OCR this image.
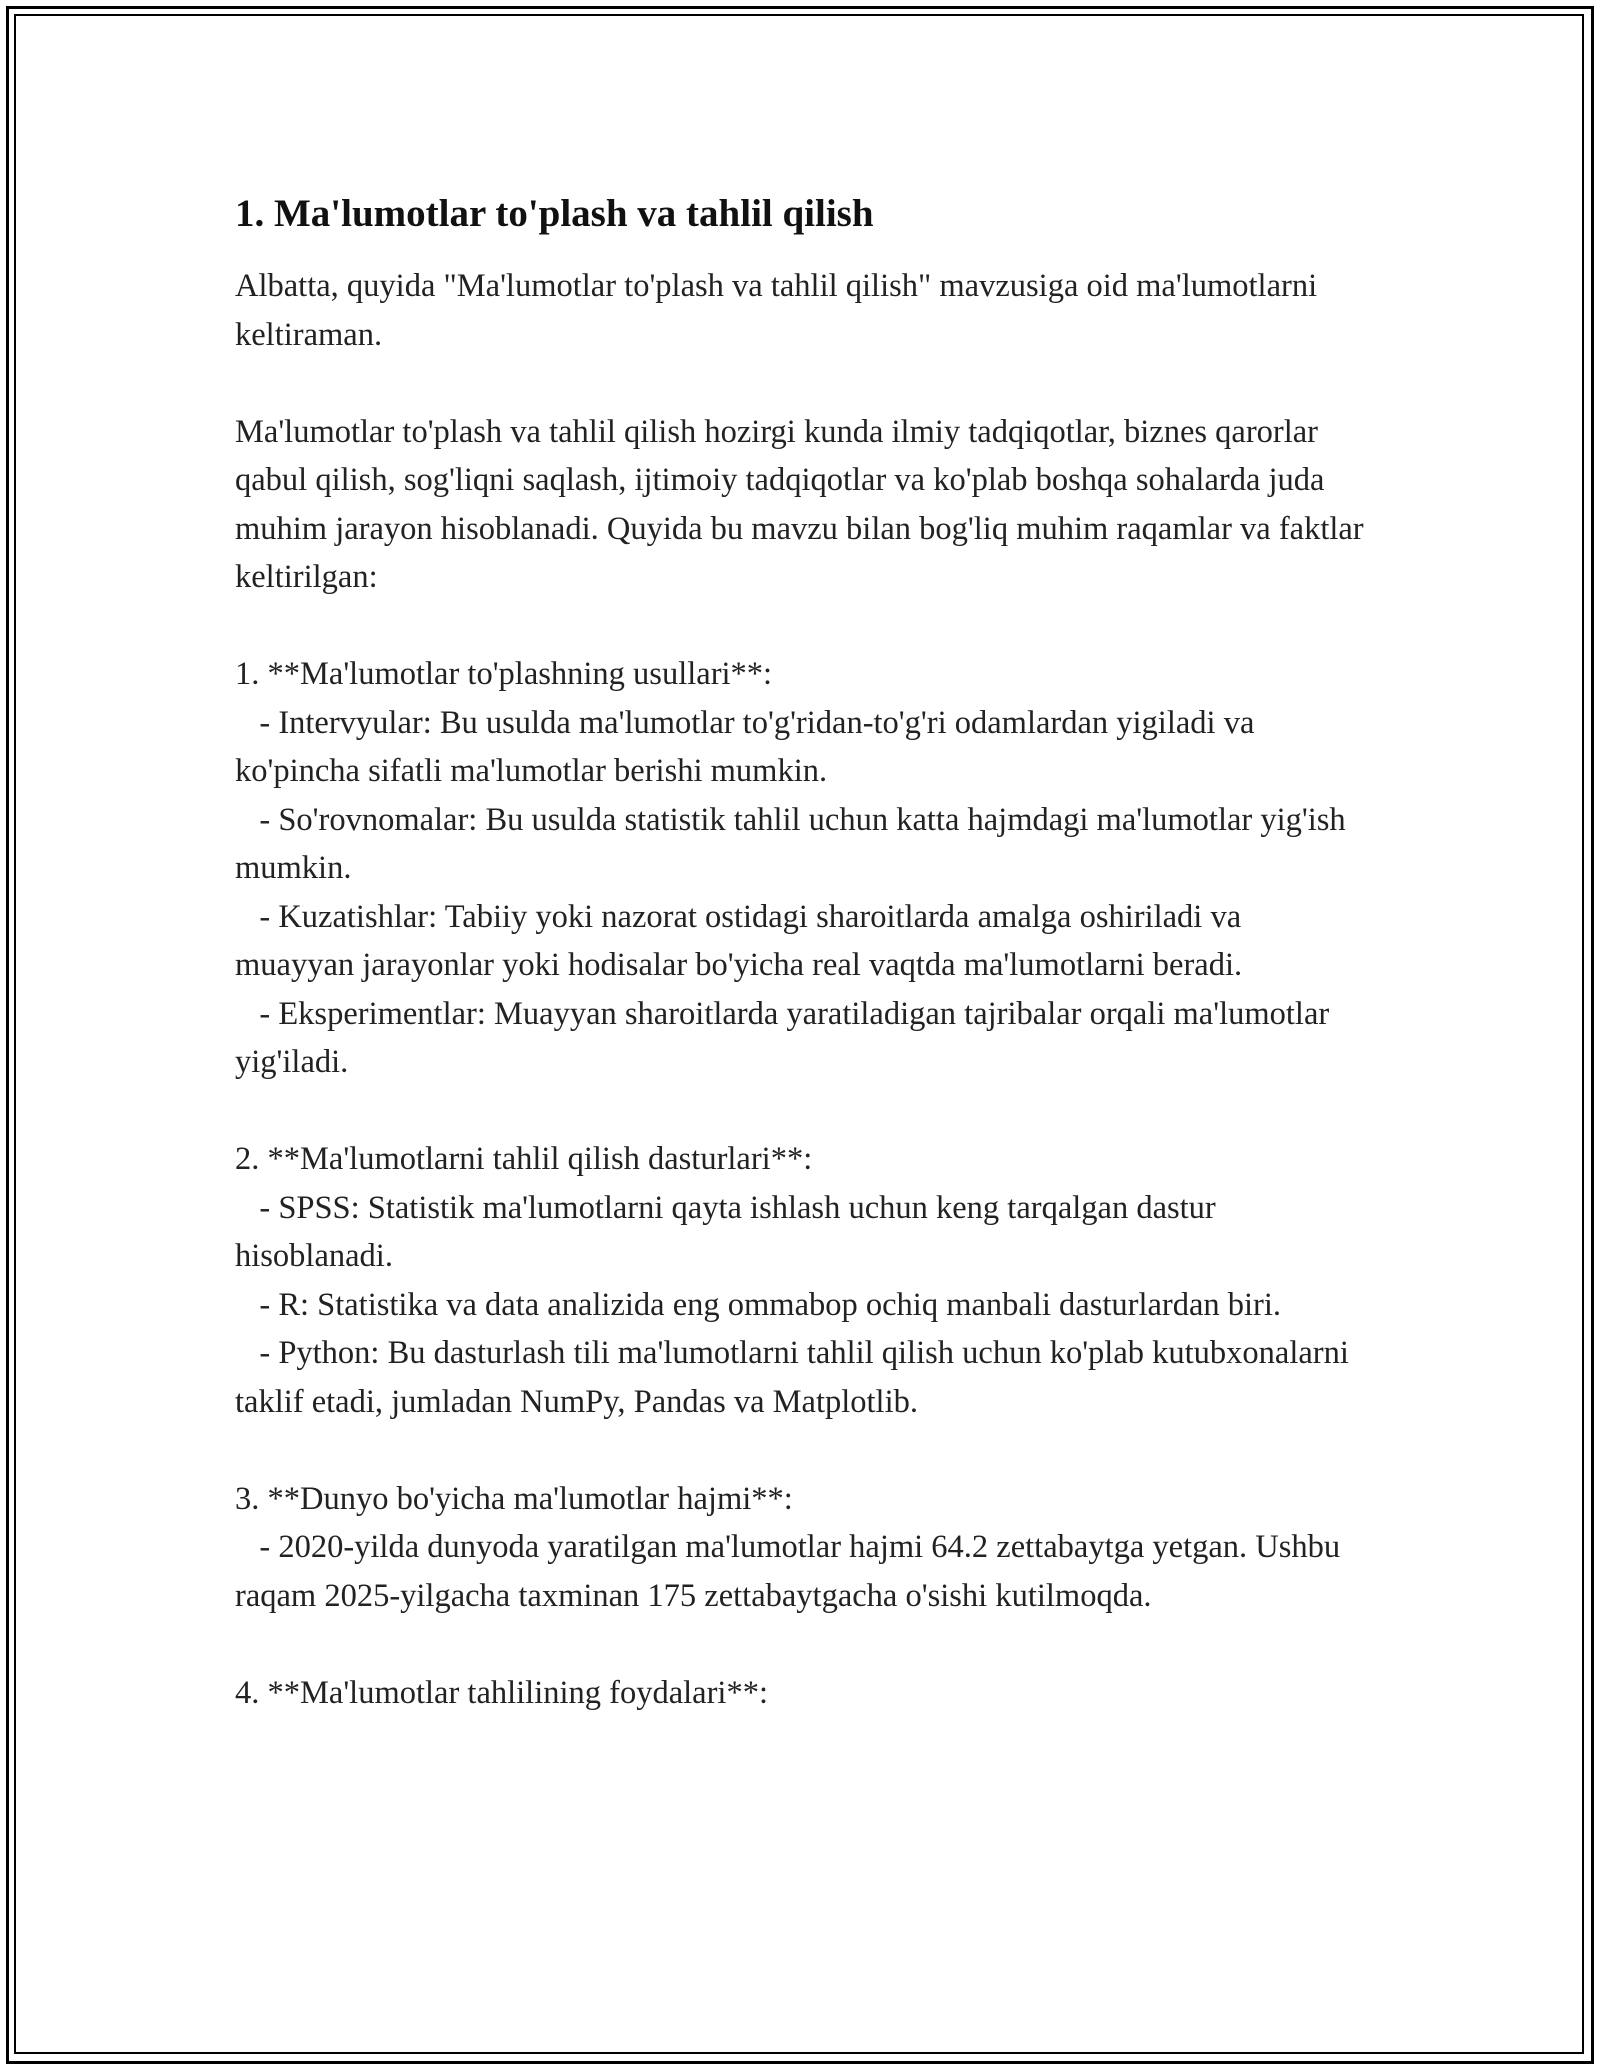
1. Ma'lumotlar to'plash va tahlil qilish
Albatta, quyida "Ma'lumotlar to'plash va tahlil qilish" mavzusiga oid ma'lumotlarni keltiraman.

Ma'lumotlar to'plash va tahlil qilish hozirgi kunda ilmiy tadqiqotlar, biznes qarorlar qabul qilish, sog'liqni saqlash, ijtimoiy tadqiqotlar va ko'plab boshqa sohalarda juda muhim jarayon hisoblanadi. Quyida bu mavzu bilan bog'liq muhim raqamlar va faktlar keltirilgan:

1. **Ma'lumotlar to'plashning usullari**:
- Intervyular: Bu usulda ma'lumotlar to'g'ridan-to'g'ri odamlardan yigiladi va ko'pincha sifatli ma'lumotlar berishi mumkin.
- So'rovnomalar: Bu usulda statistik tahlil uchun katta hajmdagi ma'lumotlar yig'ish mumkin.
- Kuzatishlar: Tabiiy yoki nazorat ostidagi sharoitlarda amalga oshiriladi va muayyan jarayonlar yoki hodisalar bo'yicha real vaqtda ma'lumotlarni beradi.
- Eksperimentlar: Muayyan sharoitlarda yaratiladigan tajribalar orqali ma'lumotlar yig'iladi.

2. **Ma'lumotlarni tahlil qilish dasturlari**:
- SPSS: Statistik ma'lumotlarni qayta ishlash uchun keng tarqalgan dastur hisoblanadi.
- R: Statistika va data analizida eng ommabop ochiq manbali dasturlardan biri.
- Python: Bu dasturlash tili ma'lumotlarni tahlil qilish uchun ko'plab kutubxonalarni taklif etadi, jumladan NumPy, Pandas va Matplotlib.

3. **Dunyo bo'yicha ma'lumotlar hajmi**:
- 2020-yilda dunyoda yaratilgan ma'lumotlar hajmi 64.2 zettabaytga yetgan. Ushbu raqam 2025-yilgacha taxminan 175 zettabaytgacha o'sishi kutilmoqda.

4. **Ma'lumotlar tahlilining foydalari**:
